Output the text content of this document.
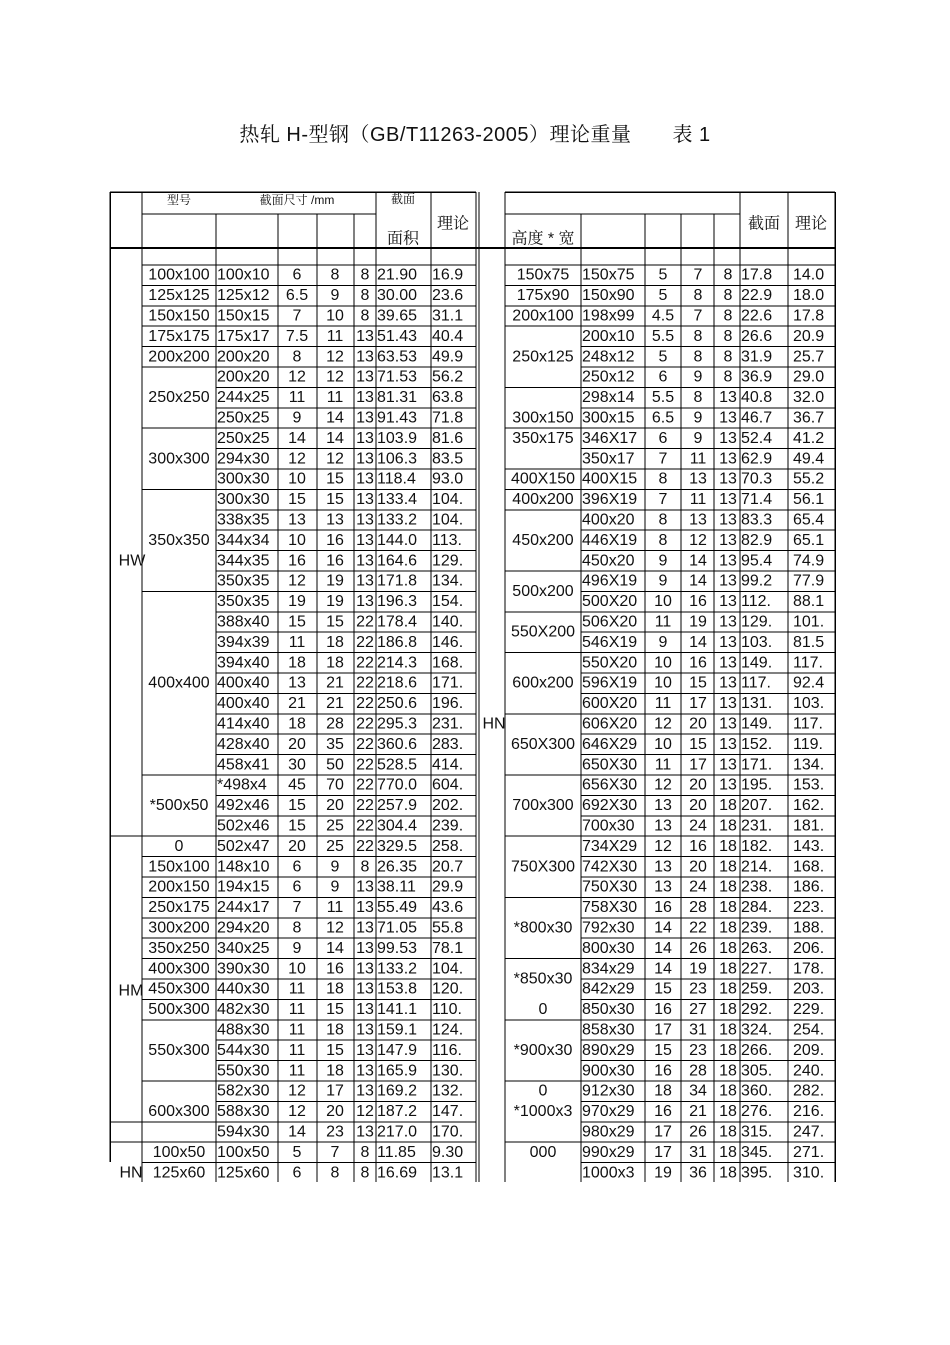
热轧 H-型钢（GB/T11263-2005）理论重量　　表 1
型号	截面尺寸 /mm	截面
面积
理论
高度 * 宽
截面 理论
100x10 6 8 8 21.90 16.9
125x12 6.5 9 8 30.00 23.6
150x15 7 10 8 39.65 31.1
175x17 7.5 11 13 51.43 40.4
200x20 8 12 13 63.53 49.9
200x20 12 12 13 71.53 56.2
244x25 11 11 13 81.31 63.8
250x25 9 14 13 91.43 71.8
250x25 14 14 13 103.9 81.6
294x30 12 12 13 106.3 83.5
300x30 10 15 13 118.4 93.0
300x30 15 15 13 133.4 104.
338x35 13 13 13 133.2 104.
344x34 10 16 13 144.0 113.
344x35 16 16 13 164.6 129.
350x35 12 19 13 171.8 134.
350x35 19 19 13 196.3 154.
388x40 15 15 22 178.4 140.
394x39 11 18 22 186.8 146.
394x40 18 18 22 214.3 168.
400x40 13 21 22 218.6 171.
400x40 21 21 22 250.6 196.
414x40 18 28 22 295.3 231.
428x40 20 35 22 360.6 283.
458x41 30 50 22 528.5 414.
*498x4 45 70 22 770.0 604.
492x46 15 20 22 257.9 202.
502x46 15 25 22 304.4 239.
502x47 20 25 22 329.5 258.
148x10 6 9 8 26.35 20.7
194x15 6 9 13 38.11 29.9
244x17 7 11 13 55.49 43.6
294x20 8 12 13 71.05 55.8
340x25 9 14 13 99.53 78.1
390x30 10 16 13 133.2 104.
440x30 11 18 13 153.8 120.
482x30 11 15 13 141.1 110.
488x30 11 18 13 159.1 124.
544x30 11 15 13 147.9 116.
550x30 11 18 13 165.9 130.
582x30 12 17 13 169.2 132.
588x30 12 20 12 187.2 147.
594x30 14 23 13 217.0 170.
100x50 5 7 8 11.85 9.30
125x60 6 8 8 16.69 13.1
100x100
125x125
150x150
175x175
200x200
250x250
300x300
350x350
400x400
*500x50
0
150x100
200x150
250x175
300x200
350x250
400x300
450x300
500x300
550x300
600x300
100x50
125x60
HW
HM
HN
150x75 5 7 8 17.8 14.0
150x90 5 8 8 22.9 18.0
198x99 4.5 7 8 22.6 17.8
200x10 5.5 8 8 26.6 20.9
248x12 5 8 8 31.9 25.7
250x12 6 9 8 36.9 29.0
298x14 5.5 8 13 40.8 32.0
300x15 6.5 9 13 46.7 36.7
346X17 6 9 13 52.4 41.2
350x17 7 11 13 62.9 49.4
400X15 8 13 13 70.3 55.2
396X19 7 11 13 71.4 56.1
400x20 8 13 13 83.3 65.4
446X19 8 12 13 82.9 65.1
450x20 9 14 13 95.4 74.9
496X19 9 14 13 99.2 77.9
500X20 10 16 13 112. 88.1
506X20 11 19 13 129. 101.
546X19 9 14 13 103. 81.5
550X20 10 16 13 149. 117.
596X19 10 15 13 117. 92.4
600X20 11 17 13 131. 103.
606X20 12 20 13 149. 117.
646X29 10 15 13 152. 119.
650X30 11 17 13 171. 134.
656X30 12 20 13 195. 153.
692X30 13 20 18 207. 162.
700x30 13 24 18 231. 181.
734X29 12 16 18 182. 143.
742X30 13 20 18 214. 168.
750X30 13 24 18 238. 186.
758X30 16 28 18 284. 223.
792x30 14 22 18 239. 188.
800x30 14 26 18 263. 206.
834x29 14 19 18 227. 178.
842x29 15 23 18 259. 203.
850x30 16 27 18 292. 229.
858x30 17 31 18 324. 254.
890x29 15 23 18 266. 209.
900x30 16 28 18 305. 240.
912x30 18 34 18 360. 282.
970x29 16 21 18 276. 216.
980x29 17 26 18 315. 247.
990x29 17 31 18 345. 271.
1000x3 19 36 18 395. 310.
150x75
175x90
200x100
250x125
300x150
350x175
400X150
400x200
450x200
500x200
550X200
600x200
650X300
700x300
750X300
*800x30
*850x30
0
*900x30
0
*1000x3
000
HN
